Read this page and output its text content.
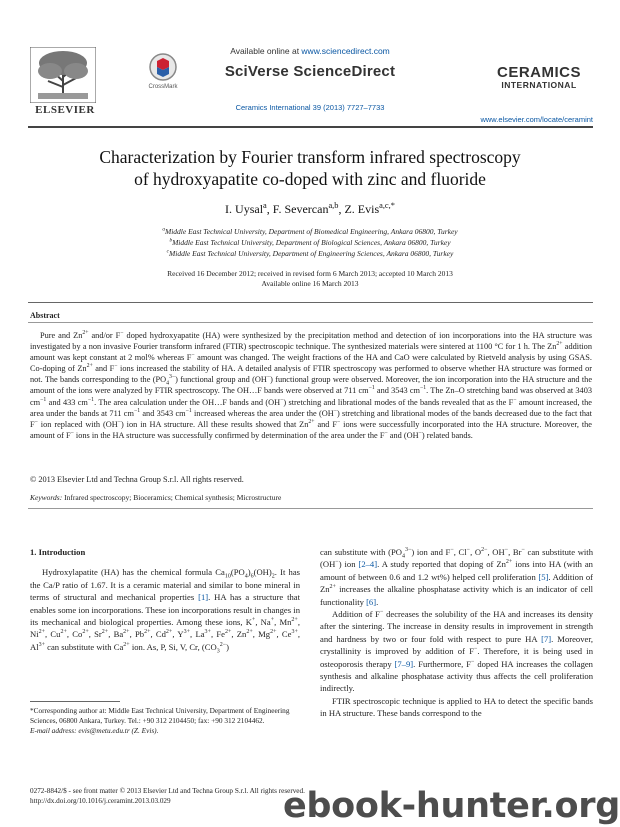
ELSEVIER
CrossMark
Available online at www.sciencedirect.com
SciVerse ScienceDirect
Ceramics International 39 (2013) 7727–7733
CERAMICS
INTERNATIONAL
www.elsevier.com/locate/ceramint
Characterization by Fourier transform infrared spectroscopy
of hydroxyapatite co-doped with zinc and fluoride
I. Uysal$^a$, F. Severcan$^{a,b}$, Z. Evis$^{a,c,*}$
$^a$Middle East Technical University, Department of Biomedical Engineering, Ankara 06800, Turkey
$^b$Middle East Technical University, Department of Biological Sciences, Ankara 06800, Turkey
$^c$Middle East Technical University, Department of Engineering Sciences, Ankara 06800, Turkey
Received 16 December 2012; received in revised form 6 March 2013; accepted 10 March 2013
Available online 16 March 2013
Abstract

Pure and $Zn^{2+}$ and/or F− doped hydroxyapatite (HA) were synthesized by the precipitation method and detection of ion incorporations into the HA structure was investigated by a non invasive Fourier transform infrared (FTIR) spectroscopic technique. The synthesized materials were sintered at 1100 °C for 1 h. The $Zn^{2+}$ addition amount was kept constant at 2 mol% whereas F− amount was changed. The weight fractions of the HA and CaO were calculated by Rietveld analysis by using GSAS. Co-doping of $Zn^{2+}$ and F− ions increased the stability of HA. A detailed analysis of FTIR spectroscopy was performed to observe whether HA structure was formed or not. The bands corresponding to the $(PO_4^{3-})$ functional group and (OH−) functional group were observed. Moreover, the ion incorporation into the HA structure and the amount of the ions were analyzed by FTIR spectroscopy. The OH…F bands were observed at 711 $cm^{-1}$ and 3543 $cm^{-1}$. The Zn–O stretching band was observed at 3403 $cm^{-1}$ and 433 $cm^{-1}$. The area calculation under the OH…F bands and (OH−) stretching and librational modes of the bands revealed that as the F− amount increased, the area under the bands at 711 $cm^{-1}$ and 3543 $cm^{-1}$ increased whereas the area under the (OH−) stretching and librational modes of the bands decreased due to the fact that F− ion replaced with (OH−) ion in HA structure. All these results showed that $Zn^{2+}$ and F− ions were successfully incorporated into the HA structure. Moreover, the amount of F− ions in the HA structure was successfully confirmed by determination of the area under the F− and (OH−) related bands.

© 2013 Elsevier Ltd and Techna Group S.r.l. All rights reserved.
Keywords: Infrared spectroscopy; Bioceramics; Chemical synthesis; Microstructure
1. Introduction

Hydroxylapatite (HA) has the chemical formula $Ca_{10}(PO_4)_6(OH)_2$. It has the Ca/P ratio of 1.67. It is a ceramic material and similar to bone mineral in terms of structural and mechanical properties [1]. HA has a structure that enables some ion incorporations. These ion incorporations result in changes in its mechanical and biological properties. Among these ions, K+, Na+, $Mn^{2+}$, $Ni^{2+}$, $Cu^{2+}$, $Co^{2+}$, $Sr^{2+}$, $Ba^{2+}$, $Pb^{2+}$, $Cd^{2+}$, $Y^{3+}$, $La^{3+}$, $Fe^{2+}$, $Zn^{2+}$, $Mg^{2+}$, $Ce^{3+}$, $Al^{3+}$ can substitute with $Ca^{2+}$ ion. As, P, Si, V, Cr, $(CO_3^{2-})$

*Corresponding author at: Middle East Technical University, Department of Engineering Sciences, 06800 Ankara, Turkey. Tel.: +90 312 2104450; fax: +90 312 2104462.
E-mail address: evis@metu.edu.tr (Z. Evis).

can substitute with $(PO_4^{3-})$ ion and F−, Cl−, $O^{2-}$, OH−, Br− can substitute with (OH−) ion [2–4]. A study reported that doping of $Zn^{2+}$ ions into HA (with an amount of between 0.6 and 1.2 wt%) helped cell proliferation [5]. Addition of $Zn^{2+}$ increases the alkaline phosphatase activity which is an indicator of cell functionality [6].

Addition of F− decreases the solubility of the HA and increases its density after the sintering. The increase in density results in improvement in strength and hardness by two or four fold with respect to pure HA [7]. Moreover, crystallinity is improved by addition of F−. Therefore, it is being used in osteoporosis therapy [7–9]. Furthermore, F− doped HA increases the collagen synthesis and alkaline phosphatase activity thus affects the cell proliferation indirectly.

FTIR spectroscopic technique is applied to HA to detect the specific bands in HA structure. These bands correspond to the

0272-8842/$ - see front matter © 2013 Elsevier Ltd and Techna Group S.r.l. All rights reserved.
http://dx.doi.org/10.1016/j.ceramint.2013.03.029	ebook-hunter.org
